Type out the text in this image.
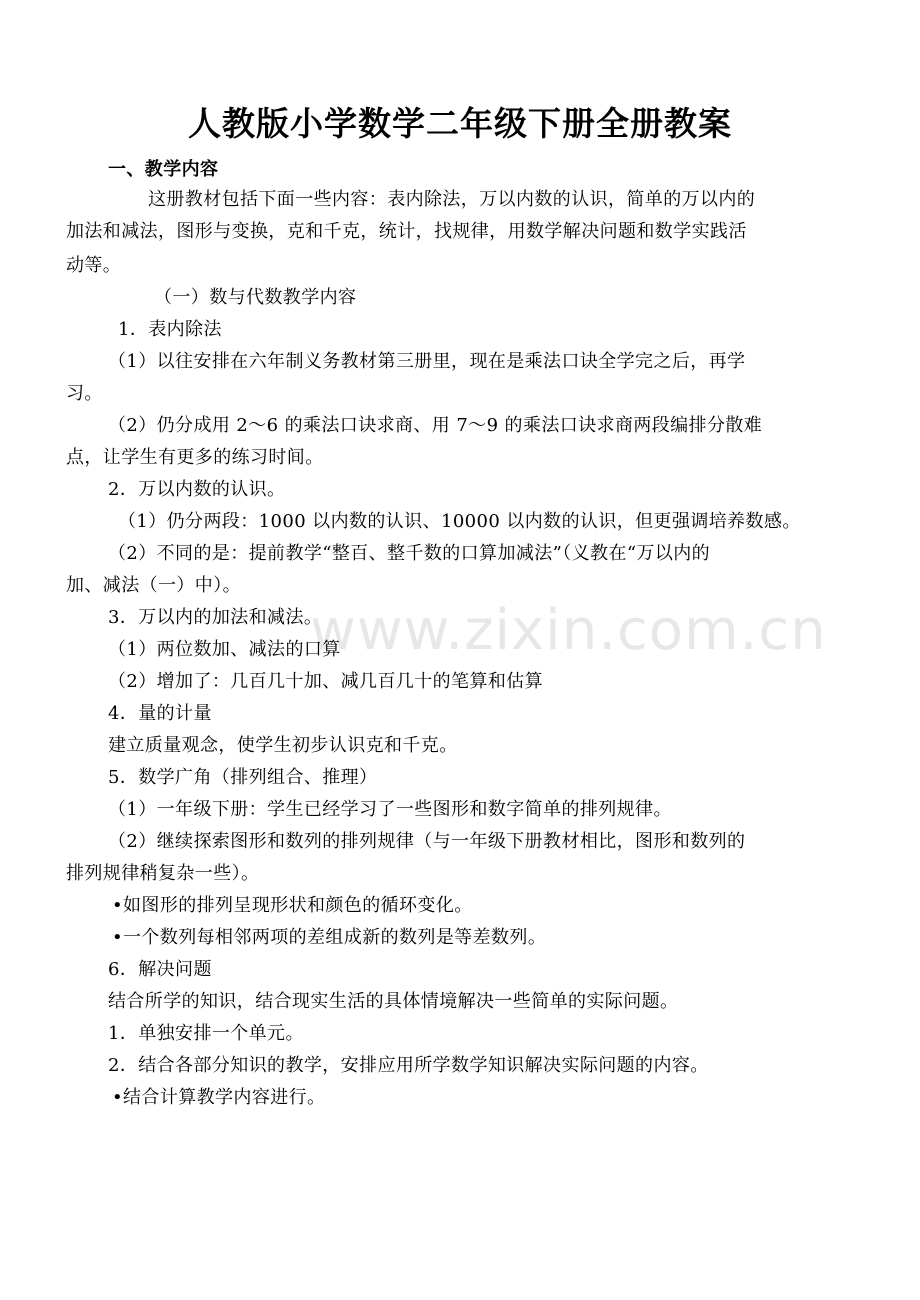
人教版小学数学二年级下册全册教案
一、教学内容
这册教材包括下面一些内容：表内除法，万以内数的认识，简单的万以内的
加法和减法，图形与变换，克和千克，统计，找规律，用数学解决问题和数学实践活
动等。
（一）数与代数教学内容
1．表内除法
（1）以往安排在六年制义务教材第三册里，现在是乘法口诀全学完之后，再学
习。
（2）仍分成用 2～6 的乘法口诀求商、用 7～9 的乘法口诀求商两段编排分散难
点，让学生有更多的练习时间。
2．万以内数的认识。
（1）仍分两段：1000 以内数的认识、10000 以内数的认识，但更强调培养数感。
（2）不同的是：提前教学“整百、整千数的口算加减法”（义教在“万以内的
加、减法（一）中）。
3．万以内的加法和减法。
（1）两位数加、减法的口算
（2）增加了：几百几十加、减几百几十的笔算和估算
4．量的计量
建立质量观念，使学生初步认识克和千克。
5．数学广角（排列组合、推理）
（1）一年级下册：学生已经学习了一些图形和数字简单的排列规律。
（2）继续探索图形和数列的排列规律（与一年级下册教材相比，图形和数列的
排列规律稍复杂一些）。
•如图形的排列呈现形状和颜色的循环变化。
•一个数列每相邻两项的差组成新的数列是等差数列。
6．解决问题
结合所学的知识，结合现实生活的具体情境解决一些简单的实际问题。
1．单独安排一个单元。
2．结合各部分知识的教学，安排应用所学数学知识解决实际问题的内容。
•结合计算教学内容进行。
www.zixin.com.cn
